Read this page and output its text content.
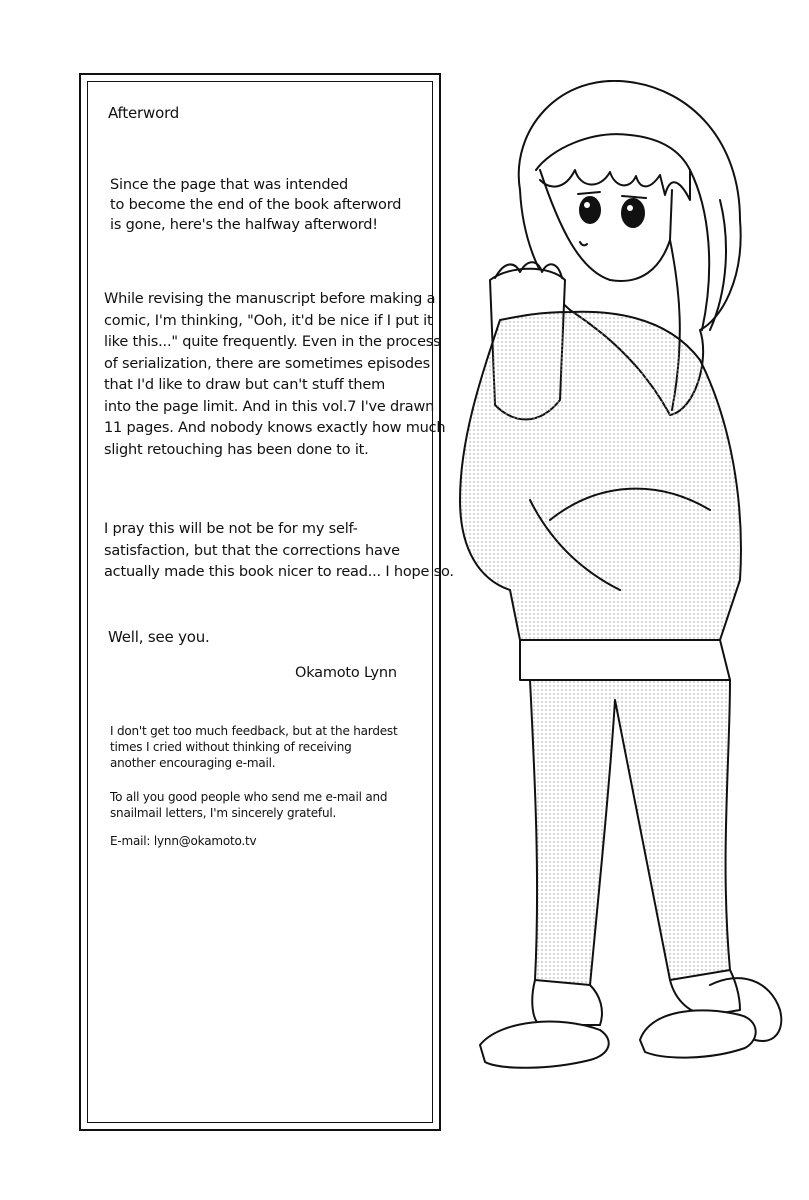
Afterword
Since the page that was intended
to become the end of the book afterword
is gone, here's the halfway afterword!
While revising the manuscript before making a
comic, I'm thinking, "Ooh, it'd be nice if I put it
like this..." quite frequently. Even in the process
of serialization, there are sometimes episodes
that I'd like to draw but can't stuff them
into the page limit. And in this vol.7 I've drawn
11 pages. And nobody knows exactly how much
slight retouching has been done to it.
I pray this will be not be for my self-
satisfaction, but that the corrections have
actually made this book nicer to read... I hope so.
Well, see you.
Okamoto Lynn
I don't get too much feedback, but at the hardest
times I cried without thinking of receiving
another encouraging e-mail.
To all you good people who send me e-mail and
snailmail letters, I'm sincerely grateful.
E-mail: lynn@okamoto.tv
